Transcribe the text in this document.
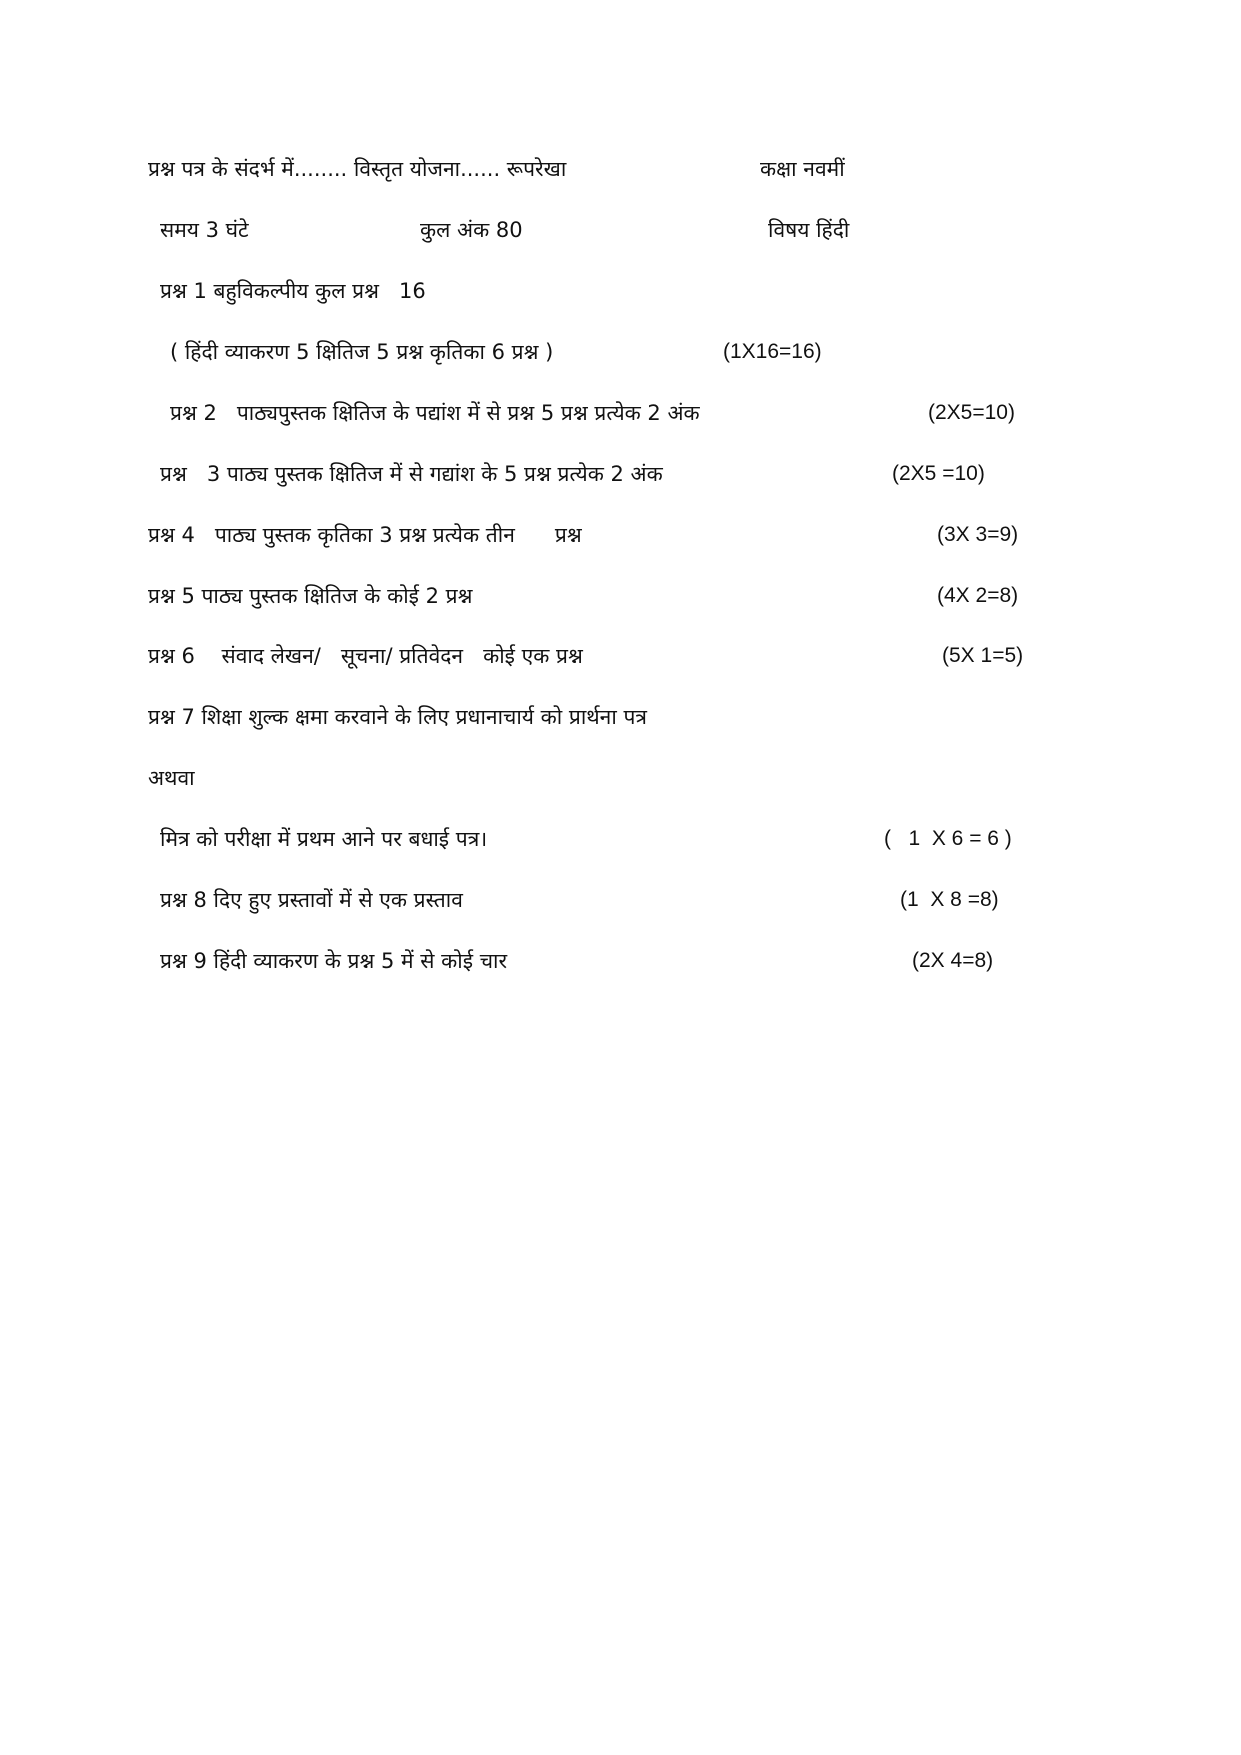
प्रश्न पत्र के संदर्भ में........ विस्तृत योजना...... रूपरेखा	कक्षा नवमीं
समय 3 घंटे	कुल अंक 80	विषय हिंदी
प्रश्न 1 बहुविकल्पीय कुल प्रश्न   16
( हिंदी व्याकरण 5 क्षितिज 5 प्रश्न कृतिका 6 प्रश्न )	(1X16=16)
प्रश्न 2   पाठ्यपुस्तक क्षितिज के पद्यांश में से प्रश्न 5 प्रश्न प्रत्येक 2 अंक	(2X5=10)
प्रश्न   3 पाठ्य पुस्तक क्षितिज में से गद्यांश के 5 प्रश्न प्रत्येक 2 अंक	(2X5 =10)
प्रश्न 4   पाठ्य पुस्तक कृतिका 3 प्रश्न प्रत्येक तीन      प्रश्न	(3X 3=9)
प्रश्न 5 पाठ्य पुस्तक क्षितिज के कोई 2 प्रश्न	(4X 2=8)
प्रश्न 6    संवाद लेखन/   सूचना/ प्रतिवेदन   कोई एक प्रश्न	(5X 1=5)
प्रश्न 7 शिक्षा शुल्क क्षमा करवाने के लिए प्रधानाचार्य को प्रार्थना पत्र
अथवा
मित्र को परीक्षा में प्रथम आने पर बधाई पत्र।	(   1  X 6 = 6 )
प्रश्न 8 दिए हुए प्रस्तावों में से एक प्रस्ताव	(1  X 8 =8)
प्रश्न 9 हिंदी व्याकरण के प्रश्न 5 में से कोई चार	(2X 4=8)
